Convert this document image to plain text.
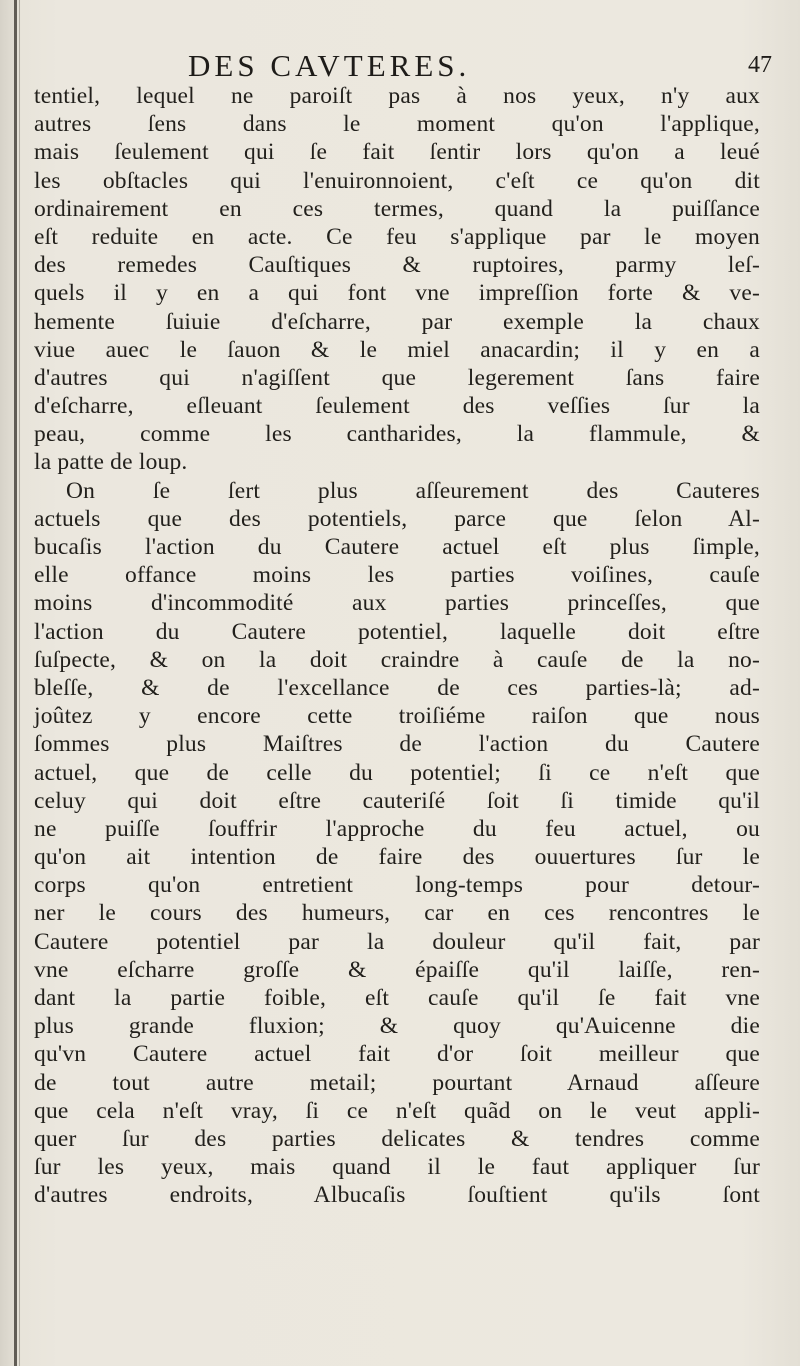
DES CAVTERES.	47
tentiel, lequel ne paroiſt pas à nos yeux, n'y aux
autres ſens dans le moment qu'on l'applique,
mais ſeulement qui ſe fait ſentir lors qu'on a leué
les obſtacles qui l'enuironnoient, c'eſt ce qu'on dit
ordinairement en ces termes, quand la puiſſance
eſt reduite en acte. Ce feu s'applique par le moyen
des remedes Cauſtiques & ruptoires, parmy leſ-
quels il y en a qui font vne impreſſion forte & ve-
hemente ſuiuie d'eſcharre, par exemple la chaux
viue auec le ſauon & le miel anacardin; il y en a
d'autres qui n'agiſſent que legerement ſans faire
d'eſcharre, eſleuant ſeulement des veſſies ſur la
peau, comme les cantharides, la flammule, &
la patte de loup.
On ſe ſert plus aſſeurement des Cauteres
actuels que des potentiels, parce que ſelon Al-
bucaſis l'action du Cautere actuel eſt plus ſimple,
elle offance moins les parties voiſines, cauſe
moins d'incommodité aux parties princeſſes, que
l'action du Cautere potentiel, laquelle doit eſtre
ſuſpecte, & on la doit craindre à cauſe de la no-
bleſſe, & de l'excellance de ces parties-là; ad-
joûtez y encore cette troiſiéme raiſon que nous
ſommes plus Maiſtres de l'action du Cautere
actuel, que de celle du potentiel; ſi ce n'eſt que
celuy qui doit eſtre cauteriſé ſoit ſi timide qu'il
ne puiſſe ſouffrir l'approche du feu actuel, ou
qu'on ait intention de faire des ouuertures ſur le
corps qu'on entretient long-temps pour detour-
ner le cours des humeurs, car en ces rencontres le
Cautere potentiel par la douleur qu'il fait, par
vne eſcharre groſſe & épaiſſe qu'il laiſſe, ren-
dant la partie foible, eſt cauſe qu'il ſe fait vne
plus grande fluxion; & quoy qu'Auicenne die
qu'vn Cautere actuel fait d'or ſoit meilleur que
de tout autre metail; pourtant Arnaud aſſeure
que cela n'eſt vray, ſi ce n'eſt quãd on le veut appli-
quer ſur des parties delicates & tendres comme
ſur les yeux, mais quand il le faut appliquer ſur
d'autres endroits, Albucaſis ſouſtient qu'ils ſont
